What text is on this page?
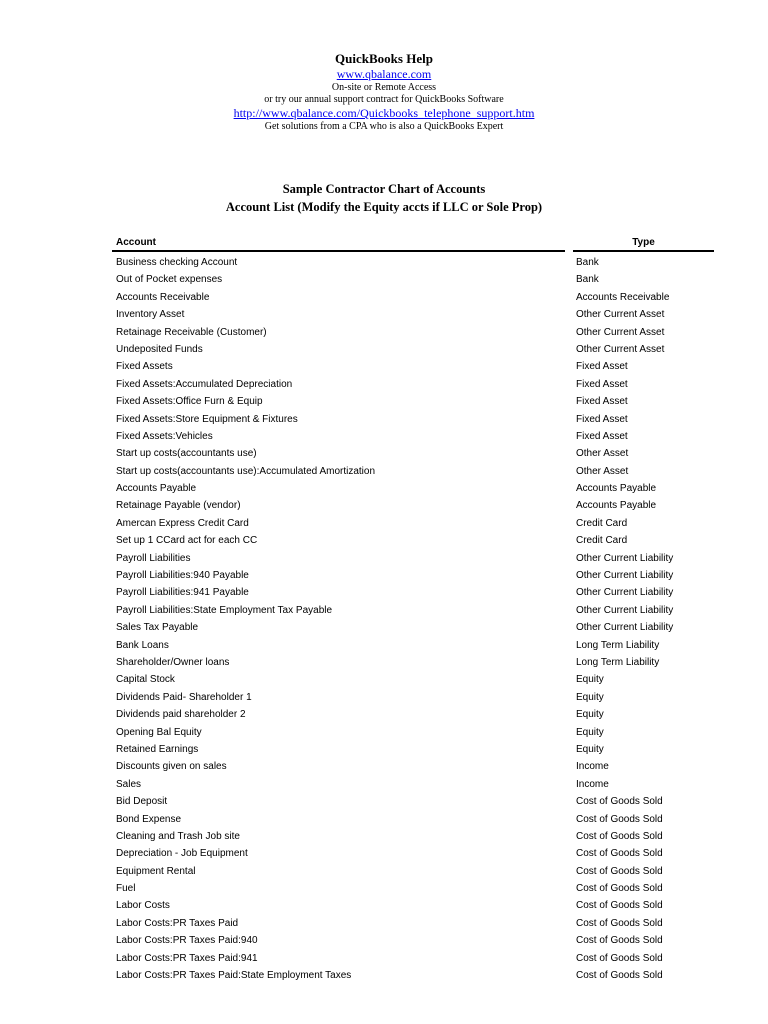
QuickBooks Help
www.qbalance.com
On-site or Remote Access
or try our annual support contract for QuickBooks Software
http://www.qbalance.com/Quickbooks_telephone_support.htm
Get solutions from a CPA who is also a QuickBooks Expert
Sample Contractor Chart of Accounts
Account List (Modify the Equity accts if LLC or Sole Prop)
Account	Type
Business checking Account	Bank
Out of Pocket expenses	Bank
Accounts Receivable	Accounts Receivable
Inventory Asset	Other Current Asset
Retainage Receivable (Customer)	Other Current Asset
Undeposited Funds	Other Current Asset
Fixed Assets	Fixed Asset
Fixed Assets:Accumulated Depreciation	Fixed Asset
Fixed Assets:Office Furn & Equip	Fixed Asset
Fixed Assets:Store Equipment & Fixtures	Fixed Asset
Fixed Assets:Vehicles	Fixed Asset
Start up costs(accountants use)	Other Asset
Start up costs(accountants use):Accumulated Amortization	Other Asset
Accounts Payable	Accounts Payable
Retainage Payable (vendor)	Accounts Payable
Amercan Express Credit Card	Credit Card
Set up 1 CCard act for each CC	Credit Card
Payroll Liabilities	Other Current Liability
Payroll Liabilities:940 Payable	Other Current Liability
Payroll Liabilities:941 Payable	Other Current Liability
Payroll Liabilities:State Employment Tax Payable	Other Current Liability
Sales Tax Payable	Other Current Liability
Bank Loans	Long Term Liability
Shareholder/Owner loans	Long Term Liability
Capital Stock	Equity
Dividends Paid- Shareholder 1	Equity
Dividends paid shareholder 2	Equity
Opening Bal Equity	Equity
Retained Earnings	Equity
Discounts given on sales	Income
Sales	Income
Bid Deposit	Cost of Goods Sold
Bond Expense	Cost of Goods Sold
Cleaning and Trash Job site	Cost of Goods Sold
Depreciation - Job Equipment	Cost of Goods Sold
Equipment Rental	Cost of Goods Sold
Fuel	Cost of Goods Sold
Labor Costs	Cost of Goods Sold
Labor Costs:PR Taxes Paid	Cost of Goods Sold
Labor Costs:PR Taxes Paid:940	Cost of Goods Sold
Labor Costs:PR Taxes Paid:941	Cost of Goods Sold
Labor Costs:PR Taxes Paid:State Employment Taxes	Cost of Goods Sold
